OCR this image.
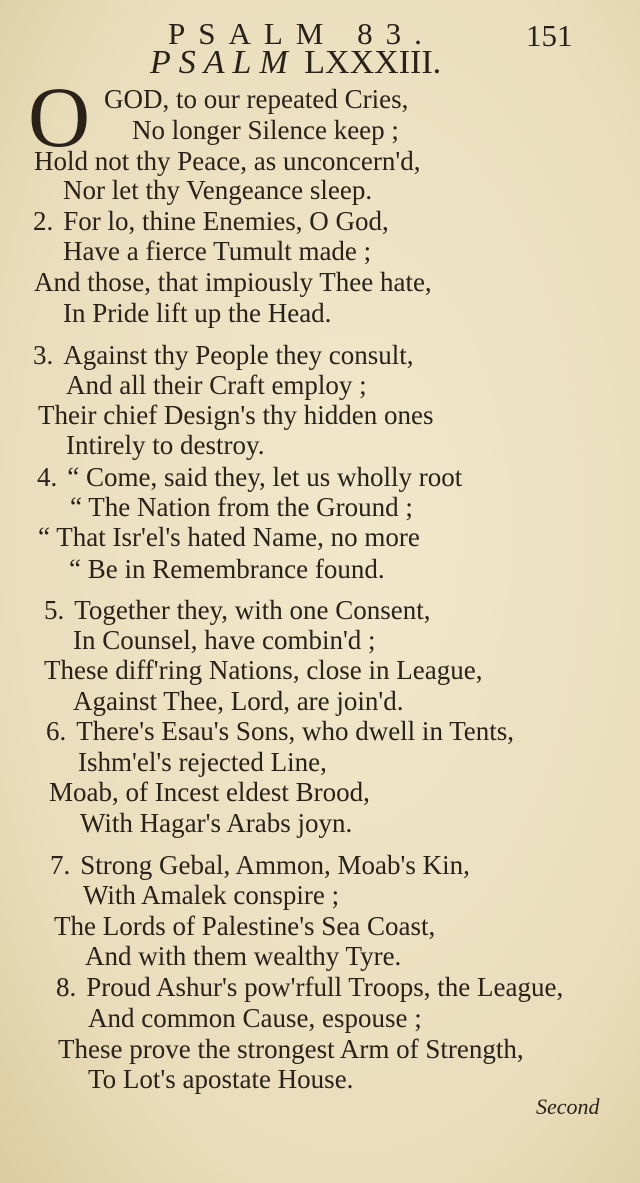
PSALM 83.	151
PSALM LXXXIII.
O GOD, to our repeated Cries,
No longer Silence keep ;
Hold not thy Peace, as unconcern'd,
Nor let thy Vengeance sleep.
2. For lo, thine Enemies, O God,
Have a fierce Tumult made ;
And those, that impiously Thee hate,
In Pride lift up the Head.
3. Against thy People they consult,
And all their Craft employ ;
Their chief Design's thy hidden ones
Intirely to destroy.
4. “ Come, said they, let us wholly root
“ The Nation from the Ground ;
“ That Isr'el's hated Name, no more
“ Be in Remembrance found.
5. Together they, with one Consent,
In Counsel, have combin'd ;
These diff'ring Nations, close in League,
Against Thee, Lord, are join'd.
6. There's Esau's Sons, who dwell in Tents,
Ishm'el's rejected Line,
Moab, of Incest eldest Brood,
With Hagar's Arabs joyn.
7. Strong Gebal, Ammon, Moab's Kin,
With Amalek conspire ;
The Lords of Palestine's Sea Coast,
And with them wealthy Tyre.
8. Proud Ashur's pow'rfull Troops, the League,
And common Cause, espouse ;
These prove the strongest Arm of Strength,
To Lot's apostate House.
Second
